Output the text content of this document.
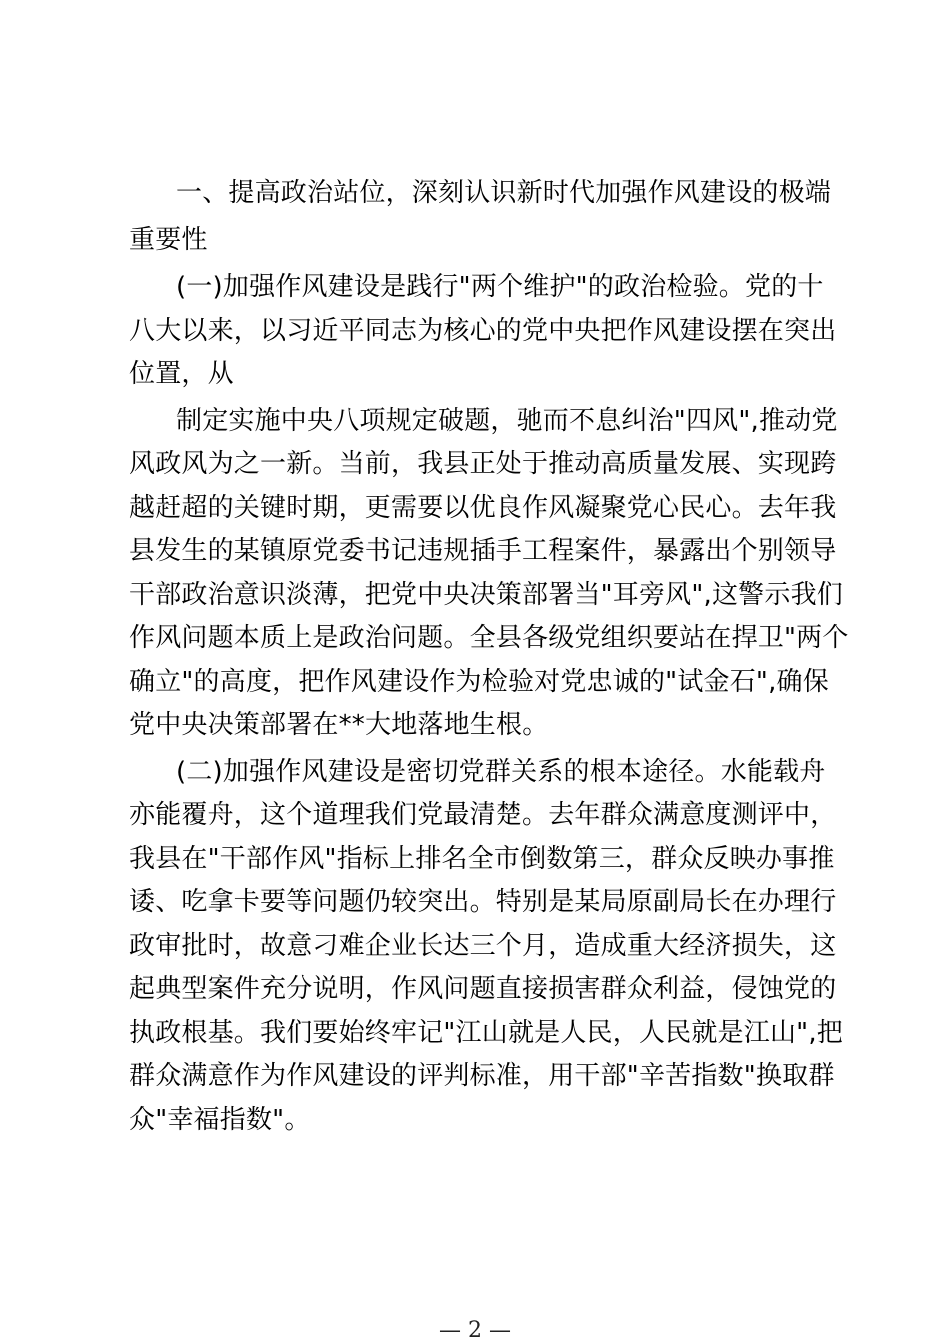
一、提高政治站位，深刻认识新时代加强作风建设的极端
重要性
(一)加强作风建设是践行"两个维护"的政治检验。党的十
八大以来，以习近平同志为核心的党中央把作风建设摆在突出
位置，从
制定实施中央八项规定破题，驰而不息纠治"四风",推动党
风政风为之一新。当前，我县正处于推动高质量发展、实现跨
越赶超的关键时期，更需要以优良作风凝聚党心民心。去年我
县发生的某镇原党委书记违规插手工程案件，暴露出个别领导
干部政治意识淡薄，把党中央决策部署当"耳旁风",这警示我们
作风问题本质上是政治问题。全县各级党组织要站在捍卫"两个
确立"的高度，把作风建设作为检验对党忠诚的"试金石",确保
党中央决策部署在**大地落地生根。
(二)加强作风建设是密切党群关系的根本途径。水能载舟
亦能覆舟，这个道理我们党最清楚。去年群众满意度测评中，
我县在"干部作风"指标上排名全市倒数第三，群众反映办事推
诿、吃拿卡要等问题仍较突出。特别是某局原副局长在办理行
政审批时，故意刁难企业长达三个月，造成重大经济损失，这
起典型案件充分说明，作风问题直接损害群众利益，侵蚀党的
执政根基。我们要始终牢记"江山就是人民，人民就是江山",把
群众满意作为作风建设的评判标准，用干部"辛苦指数"换取群
众"幸福指数"。
— 2 —
